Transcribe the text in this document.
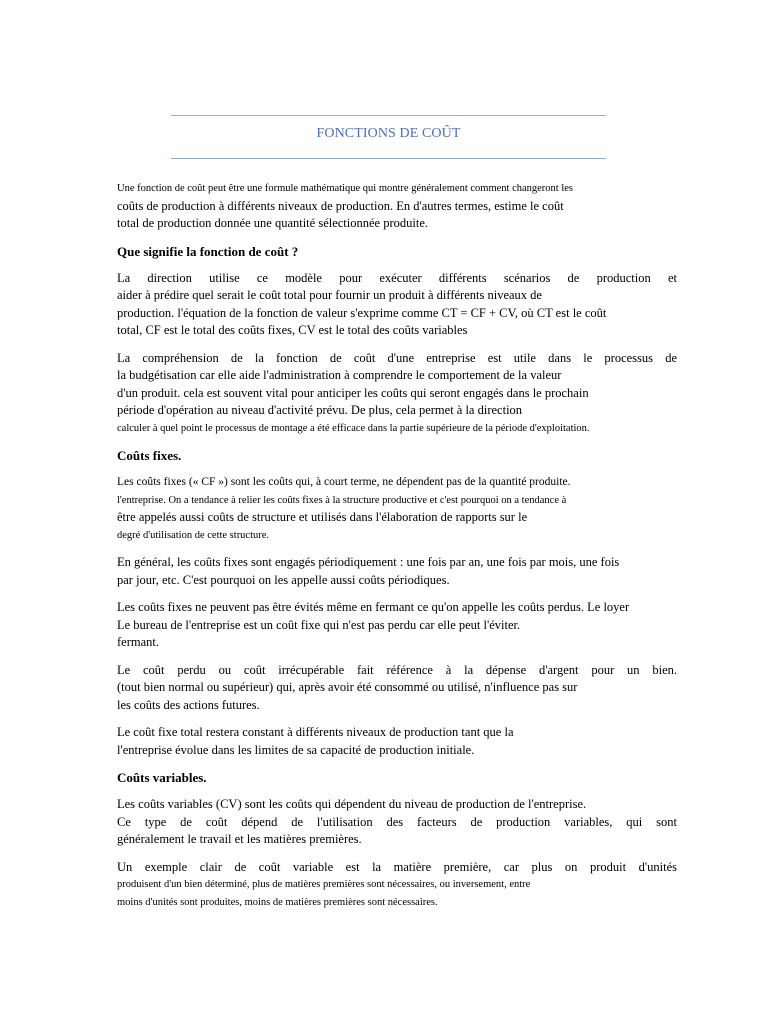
FONCTIONS DE COÛT
Une fonction de coût peut être une formule mathématique qui montre généralement comment changeront les
coûts de production à différents niveaux de production. En d'autres termes, estime le coût
total de production donnée une quantité sélectionnée produite.
Que signifie la fonction de coût ?
La direction utilise ce modèle pour exécuter différents scénarios de production et
aider à prédire quel serait le coût total pour fournir un produit à différents niveaux de
production. l'équation de la fonction de valeur s'exprime comme CT = CF + CV, où CT est le coût
total, CF est le total des coûts fixes, CV est le total des coûts variables
La compréhension de la fonction de coût d'une entreprise est utile dans le processus de
la budgétisation car elle aide l'administration à comprendre le comportement de la valeur
d'un produit. cela est souvent vital pour anticiper les coûts qui seront engagés dans le prochain
période d'opération au niveau d'activité prévu. De plus, cela permet à la direction
calculer à quel point le processus de montage a été efficace dans la partie supérieure de la période d'exploitation.
Coûts fixes.
Les coûts fixes (« CF ») sont les coûts qui, à court terme, ne dépendent pas de la quantité produite.
l'entreprise. On a tendance à relier les coûts fixes à la structure productive et c'est pourquoi on a tendance à
être appelés aussi coûts de structure et utilisés dans l'élaboration de rapports sur le
degré d'utilisation de cette structure.
En général, les coûts fixes sont engagés périodiquement : une fois par an, une fois par mois, une fois
par jour, etc. C'est pourquoi on les appelle aussi coûts périodiques.
Les coûts fixes ne peuvent pas être évités même en fermant ce qu'on appelle les coûts perdus. Le loyer
Le bureau de l'entreprise est un coût fixe qui n'est pas perdu car elle peut l'éviter.
fermant.
Le coût perdu ou coût irrécupérable fait référence à la dépense d'argent pour un bien.
(tout bien normal ou supérieur) qui, après avoir été consommé ou utilisé, n'influence pas sur
les coûts des actions futures.
Le coût fixe total restera constant à différents niveaux de production tant que la
l'entreprise évolue dans les limites de sa capacité de production initiale.
Coûts variables.
Les coûts variables (CV) sont les coûts qui dépendent du niveau de production de l'entreprise.
Ce type de coût dépend de l'utilisation des facteurs de production variables, qui sont
généralement le travail et les matières premières.
Un exemple clair de coût variable est la matière première, car plus on produit d'unités
produisent d'un bien déterminé, plus de matières premières sont nécessaires, ou inversement, entre
moins d'unités sont produites, moins de matières premières sont nécessaires.
